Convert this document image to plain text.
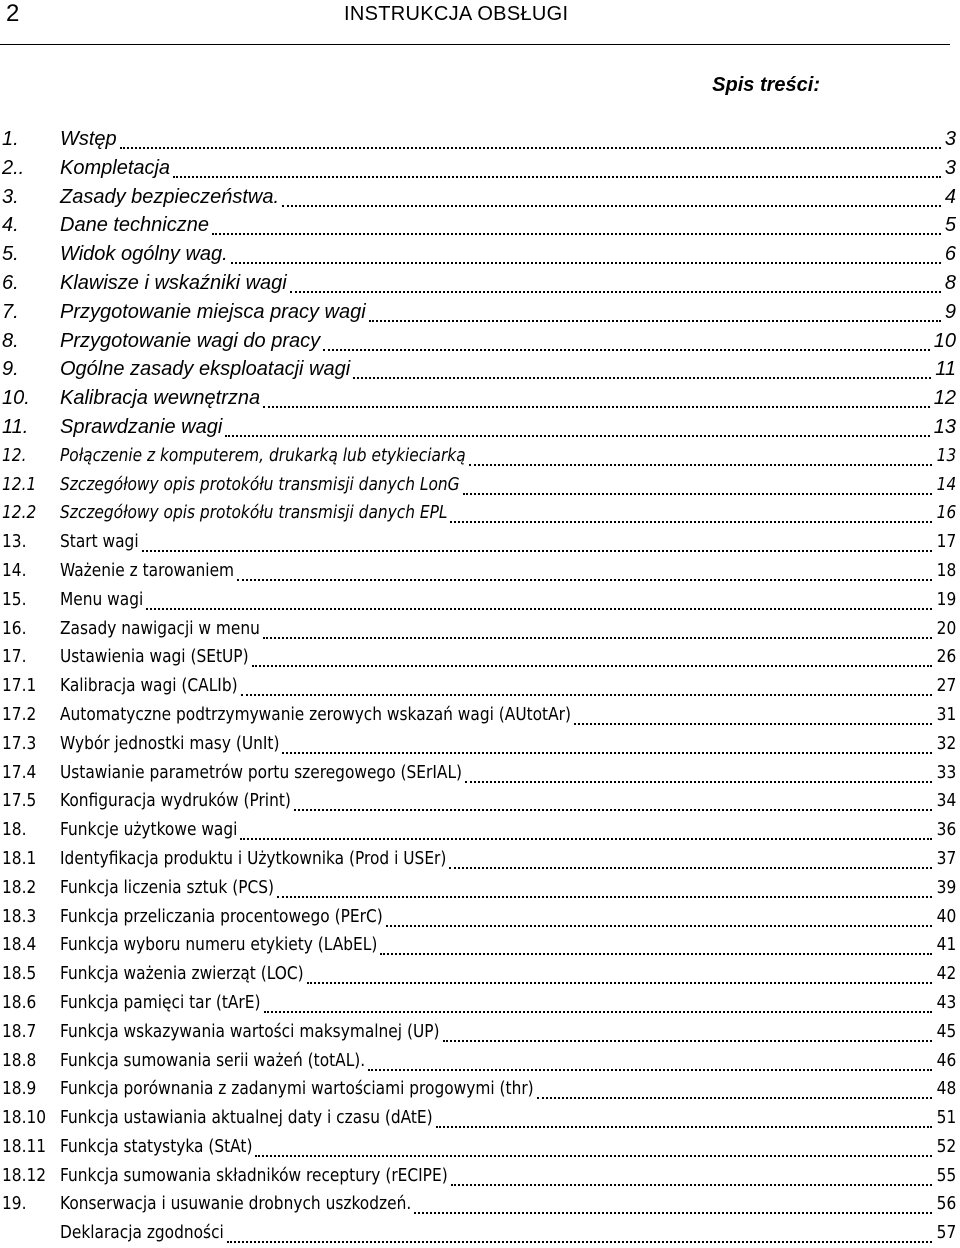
2	INSTRUKCJA OBSŁUGI
Spis treści:
1. Wstęp	3
2.. Kompletacja	3
3. Zasady bezpieczeństwa.	4
4. Dane techniczne	5
5. Widok ogólny wag.	6
6. Klawisze i wskaźniki wagi	8
7. Przygotowanie miejsca pracy wagi	9
8. Przygotowanie wagi do pracy	10
9. Ogólne zasady eksploatacji wagi	11
10. Kalibracja wewnętrzna	12
11. Sprawdzanie wagi	13
12. Połączenie z komputerem, drukarką lub etykieciarką	13
12.1 Szczegółowy opis protokółu transmisji danych LonG	14
12.2 Szczegółowy opis protokółu transmisji danych EPL	16
13. Start wagi	17
14. Ważenie z tarowaniem	18
15. Menu wagi	19
16. Zasady nawigacji w menu	20
17. Ustawienia wagi (SEtUP)	26
17.1 Kalibracja wagi (CALIb)	27
17.2 Automatyczne podtrzymywanie zerowych wskazań wagi (AUtotAr)	31
17.3 Wybór jednostki masy (UnIt)	32
17.4 Ustawianie parametrów portu szeregowego (SErIAL)	33
17.5 Konfiguracja wydruków (Print)	34
18. Funkcje użytkowe wagi	36
18.1 Identyfikacja produktu i Użytkownika (Prod i USEr)	37
18.2 Funkcja liczenia sztuk (PCS)	39
18.3 Funkcja przeliczania procentowego (PErC)	40
18.4 Funkcja wyboru numeru etykiety (LAbEL)	41
18.5 Funkcja ważenia zwierząt (LOC)	42
18.6 Funkcja pamięci tar (tArE)	43
18.7 Funkcja wskazywania wartości maksymalnej (UP)	45
18.8 Funkcja sumowania serii ważeń (totAL).	46
18.9 Funkcja porównania z zadanymi wartościami progowymi (thr)	48
18.10 Funkcja ustawiania aktualnej daty i czasu (dAtE)	51
18.11 Funkcja statystyka (StAt)	52
18.12 Funkcja sumowania składników receptury (rECIPE)	55
19. Konserwacja i usuwanie drobnych uszkodzeń.	56
Deklaracja zgodności	57
